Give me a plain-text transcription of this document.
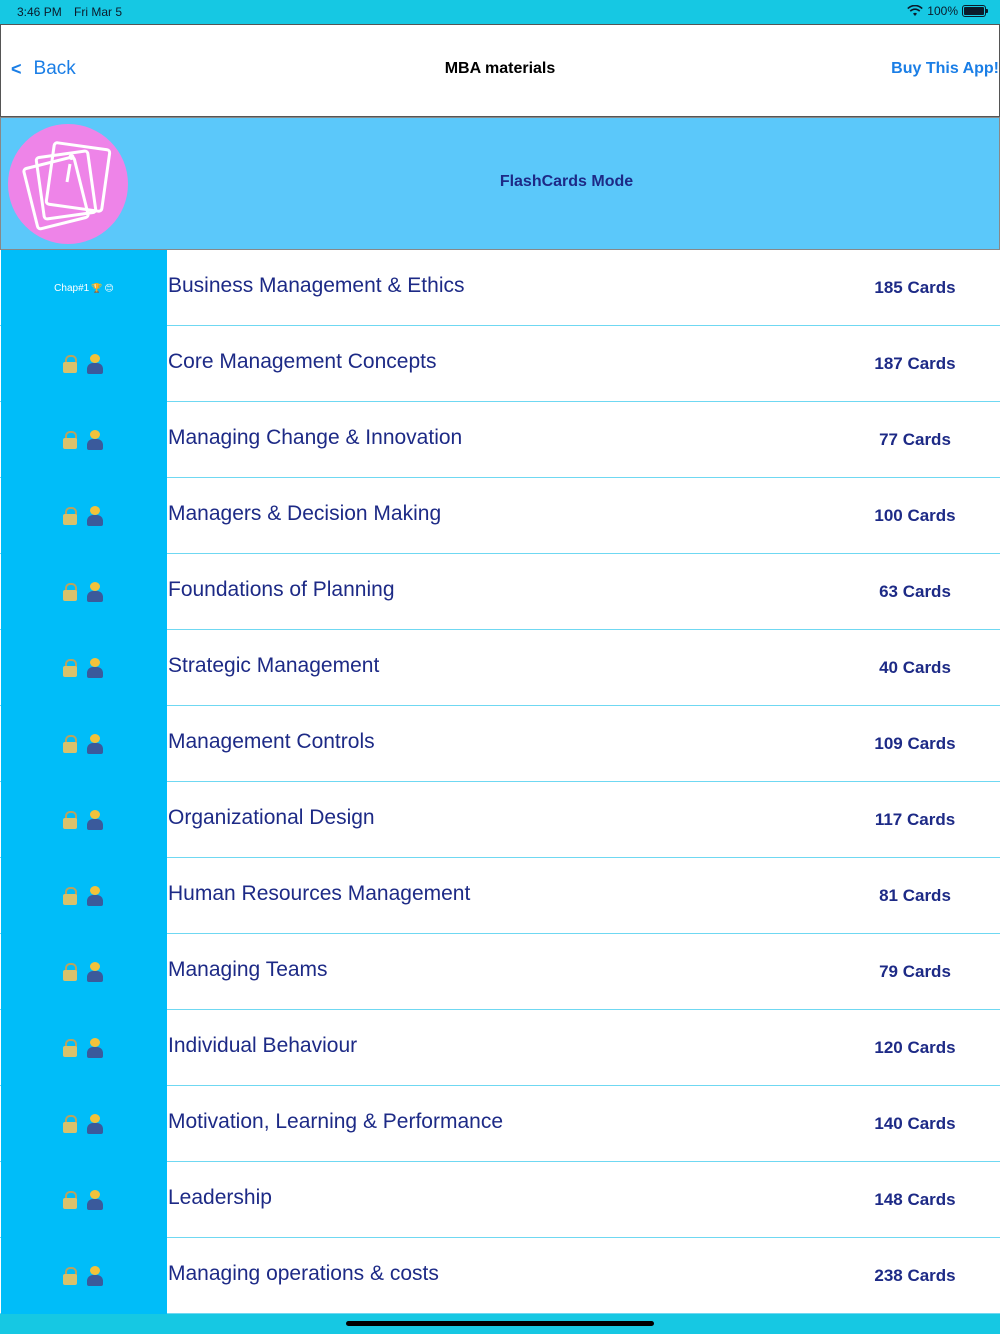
3:46 PM Fri Mar 5	100%
< Back	MBA materials	Buy This App!
FlashCards Mode
Chap#1 🏆 😊	Business Management & Ethics	185 Cards
Core Management Concepts	187 Cards
Managing Change & Innovation	77 Cards
Managers & Decision Making	100 Cards
Foundations of Planning	63 Cards
Strategic Management	40 Cards
Management Controls	109 Cards
Organizational Design	117 Cards
Human Resources Management	81 Cards
Managing Teams	79 Cards
Individual Behaviour	120 Cards
Motivation, Learning & Performance	140 Cards
Leadership	148 Cards
Managing operations & costs	238 Cards
